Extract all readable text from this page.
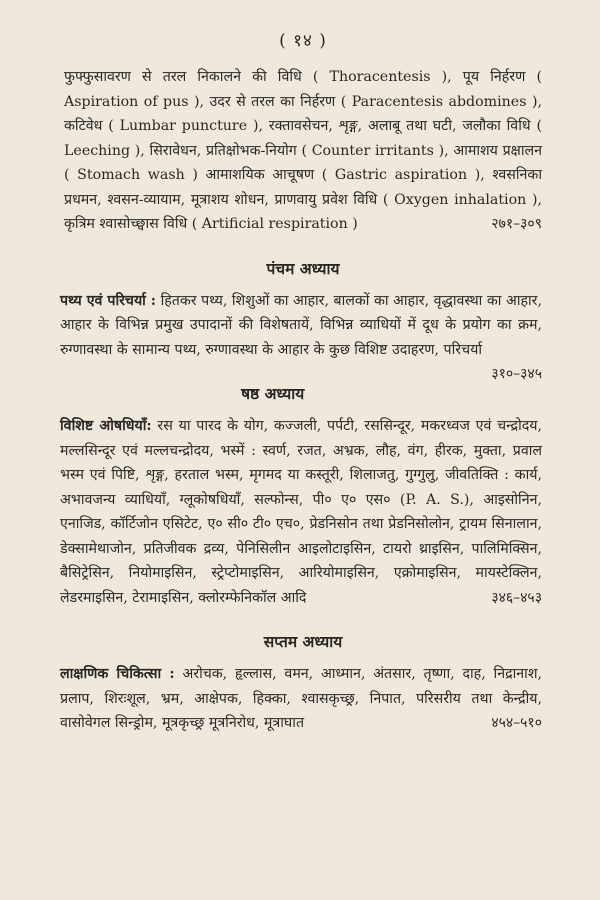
( १४ )

फुफ्फुसावरण से तरल निकालने की विधि ( Thoracentesis ), पूय निर्हरण ( Aspiration of pus ), उदर से तरल का निर्हरण ( Paracentesis abdomines ), कटिवेध ( Lumbar puncture ), रक्तावसेचन, शृङ्ग, अलाबू तथा घटी, जलौका विधि ( Leeching ), सिरावेधन, प्रतिक्षोभक-नियोग ( Counter irritants ), आमाशय प्रक्षालन ( Stomach wash ) आमाशयिक आचूषण ( Gastric aspiration ), श्वसनिका प्रधमन, श्वसन-व्यायाम, मूत्राशय शोधन, प्राणवायु प्रवेश विधि ( Oxygen inhalation ), कृत्रिम श्वासोच्छ्वास विधि ( Artificial respiration )	२७१–३०९

पंचम अध्याय

पथ्य एवं परिचर्या : हितकर पथ्य, शिशुओं का आहार, बालकों का आहार, वृद्धावस्था का आहार, आहार के विभिन्न प्रमुख उपादानों की विशेषतायें, विभिन्न व्याधियों में दूध के प्रयोग का क्रम, रुग्णावस्था के सामान्य पथ्य, रुग्णावस्था के आहार के कुछ विशिष्ट उदाहरण, परिचर्या
३१०–३४५

षष्ठ अध्याय

विशिष्ट ओषधियाँ: रस या पारद के योग, कज्जली, पर्पटी, रससिन्दूर, मकरध्वज एवं चन्द्रोदय, मल्लसिन्दूर एवं मल्लचन्द्रोदय, भस्में : स्वर्ण, रजत, अभ्रक, लौह, वंग, हीरक, मुक्ता, प्रवाल भस्म एवं पिष्टि, शृङ्ग, हरताल भस्म, मृगमद या कस्तूरी, शिलाजतु, गुग्गुलु, जीवतिक्ति : कार्य, अभावजन्य व्याधियाँ, ग्लूकोषधियाँ, सल्फोन्स, पी० ए० एस० (P. A. S.), आइसोनिन, एनाजिड, कॉर्टिजोन एसिटेट, ए० सी० टी० एच०, प्रेडनिसोन तथा प्रेडनिसोलोन, ट्रायम सिनालान, डेक्सामेथाजोन, प्रतिजीवक द्रव्य, पेनिसिलीन आइलोटाइसिन, टायरो थ्राइसिन, पालिमिक्सिन, बैसिट्रेसिन, नियोमाइसिन, स्ट्रेप्टोमाइसिन, आरियोमाइसिन, एक्रोमाइसिन, मायस्टेक्लिन, लेडरमाइसिन, टेरामाइसिन, क्लोरम्फेनिकॉल आदि	३४६–४५३

सप्तम अध्याय

लाक्षणिक चिकित्सा : अरोचक, हृल्लास, वमन, आध्मान, अंतसार, तृष्णा, दाह, निद्रानाश, प्रलाप, शिरःशूल, भ्रम, आक्षेपक, हिक्का, श्वासकृच्छ्र, निपात, परिसरीय तथा केन्द्रीय, वासोवेगल सिन्ड्रोम, मूत्रकृच्छ्र मूत्रनिरोध, मूत्राघात	४५४–५१०
